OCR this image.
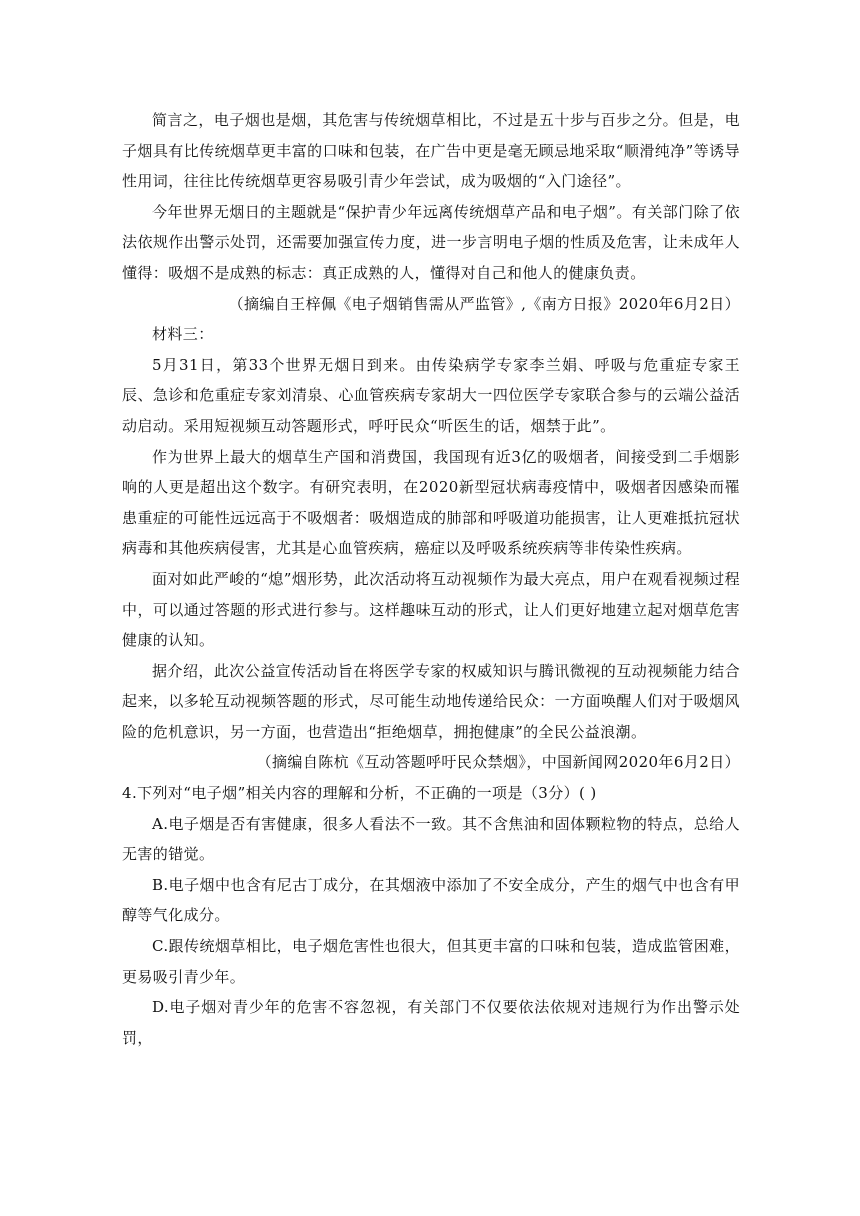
简言之，电子烟也是烟，其危害与传统烟草相比，不过是五十步与百步之分。但是，电子烟具有比传统烟草更丰富的口味和包装，在广告中更是毫无顾忌地采取“顺滑纯净”等诱导性用词，往往比传统烟草更容易吸引青少年尝试，成为吸烟的“入门途径”。

今年世界无烟日的主题就是“保护青少年远离传统烟草产品和电子烟”。有关部门除了依法依规作出警示处罚，还需要加强宣传力度，进一步言明电子烟的性质及危害，让未成年人懂得：吸烟不是成熟的标志：真正成熟的人，懂得对自己和他人的健康负责。

（摘编自王梓佩《电子烟销售需从严监管》,《南方日报》2020年6月2日）

材料三：

5月31日，第33个世界无烟日到来。由传染病学专家李兰娟、呼吸与危重症专家王辰、急诊和危重症专家刘清泉、心血管疾病专家胡大一四位医学专家联合参与的云端公益活动启动。采用短视频互动答题形式，呼吁民众“听医生的话，烟禁于此”。

作为世界上最大的烟草生产国和消费国，我国现有近3亿的吸烟者，间接受到二手烟影响的人更是超出这个数字。有研究表明，在2020新型冠状病毒疫情中，吸烟者因感染而罹患重症的可能性远远高于不吸烟者：吸烟造成的肺部和呼吸道功能损害，让人更难抵抗冠状病毒和其他疾病侵害，尤其是心血管疾病，癌症以及呼吸系统疾病等非传染性疾病。

面对如此严峻的“熄”烟形势，此次活动将互动视频作为最大亮点，用户在观看视频过程中，可以通过答题的形式进行参与。这样趣味互动的形式，让人们更好地建立起对烟草危害健康的认知。

据介绍，此次公益宣传活动旨在将医学专家的权威知识与腾讯微视的互动视频能力结合起来，以多轮互动视频答题的形式，尽可能生动地传递给民众：一方面唤醒人们对于吸烟风险的危机意识，另一方面，也营造出“拒绝烟草，拥抱健康”的全民公益浪潮。

（摘编自陈杭《互动答题呼吁民众禁烟》，中国新闻网2020年6月2日）

4.下列对“电子烟”相关内容的理解和分析，不正确的一项是（3分）( )

A.电子烟是否有害健康，很多人看法不一致。其不含焦油和固体颗粒物的特点，总给人无害的错觉。

B.电子烟中也含有尼古丁成分，在其烟液中添加了不安全成分，产生的烟气中也含有甲醇等气化成分。

C.跟传统烟草相比，电子烟危害性也很大，但其更丰富的口味和包装，造成监管困难，更易吸引青少年。

D.电子烟对青少年的危害不容忽视，有关部门不仅要依法依规对违规行为作出警示处罚，
